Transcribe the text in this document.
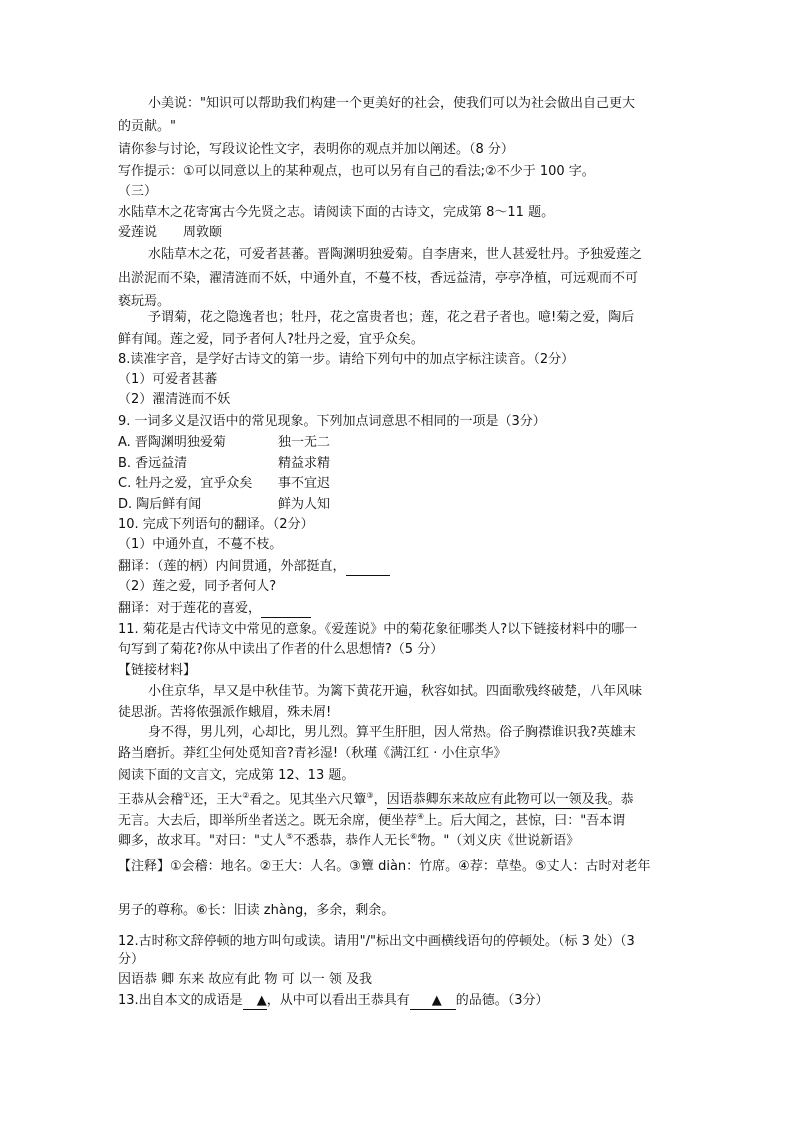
小美说："知识可以帮助我们构建一个更美好的社会，使我们可以为社会做出自己更大
的贡献。"
请你参与讨论，写段议论性文字，表明你的观点并加以阐述。（8 分）
写作提示：①可以同意以上的某种观点，也可以另有自己的看法;②不少于 100 字。
（三）
水陆草木之花寄寓古今先贤之志。请阅读下面的古诗文，完成第 8～11 题。
爱莲说 周敦颐
水陆草木之花，可爱者甚蕃。晋陶渊明独爱菊。自李唐来，世人甚爱牡丹。予独爱莲之
出淤泥而不染，濯清涟而不妖，中通外直，不蔓不枝，香远益清，亭亭净植，可远观而不可
亵玩焉。
予谓菊，花之隐逸者也；牡丹，花之富贵者也；莲，花之君子者也。噫!菊之爱，陶后
鲜有闻。莲之爱，同予者何人?牡丹之爱，宜乎众矣。
8.读准字音，是学好古诗文的第一步。请给下列句中的加点字标注读音。（2分）
（1）可爱者甚蕃
（2）濯清涟而不妖
9. 一词多义是汉语中的常见现象。下列加点词意思不相同的一项是（3分）
A. 晋陶渊明独爱菊	独一无二
B. 香远益清	精益求精
C. 牡丹之爱，宜乎众矣 事不宜迟
D. 陶后鲜有闻	鲜为人知
10. 完成下列语句的翻译。（2分）
（1）中通外直，不蔓不枝。
翻译：（莲的柄）内间贯通，外部挺直，
（2）莲之爱，同予者何人?
翻译：对于莲花的喜爱，
11. 菊花是古代诗文中常见的意象。《爱莲说》中的菊花象征哪类人?以下链接材料中的哪一
句写到了菊花?你从中读出了作者的什么思想情?（5 分）
【链接材料】
小住京华，早又是中秋佳节。为篱下黄花开遍，秋容如拭。四面歌残终破楚，八年风味
徒思浙。苦将侬强派作蛾眉，殊未屑!
身不得，男儿列，心却比，男儿烈。算平生肝胆，因人常热。俗子胸襟谁识我?英雄末
路当磨折。莽红尘何处觅知音?青衫湿!（秋瑾《满江红 · 小住京华》
阅读下面的文言文，完成第 12、13 题。
王恭从会稽①还，王大②看之。见其坐六尺簟③，因语恭卿东来故应有此物可以一领及我。恭
无言。大去后，即举所坐者送之。既无余席，便坐荐④上。后大闻之，甚惊，曰："吾本谓
卿多，故求耳。"对曰："丈人⑤不悉恭，恭作人无长⑥物。"（刘义庆《世说新语》
【注释】①会稽：地名。②王大：人名。③簟 diàn：竹席。④荐：草垫。⑤丈人：古时对老年
男子的尊称。⑥长：旧读 zhàng，多余，剩余。
12.古时称文辞停顿的地方叫句或读。请用"/"标出文中画横线语句的停顿处。（标 3 处）（3
分）
因语恭 卿 东来 故应有此 物 可 以一 领 及我
13.出自本文的成语是 ▲，从中可以看出王恭具有 ▲ 的品德。（3分）
